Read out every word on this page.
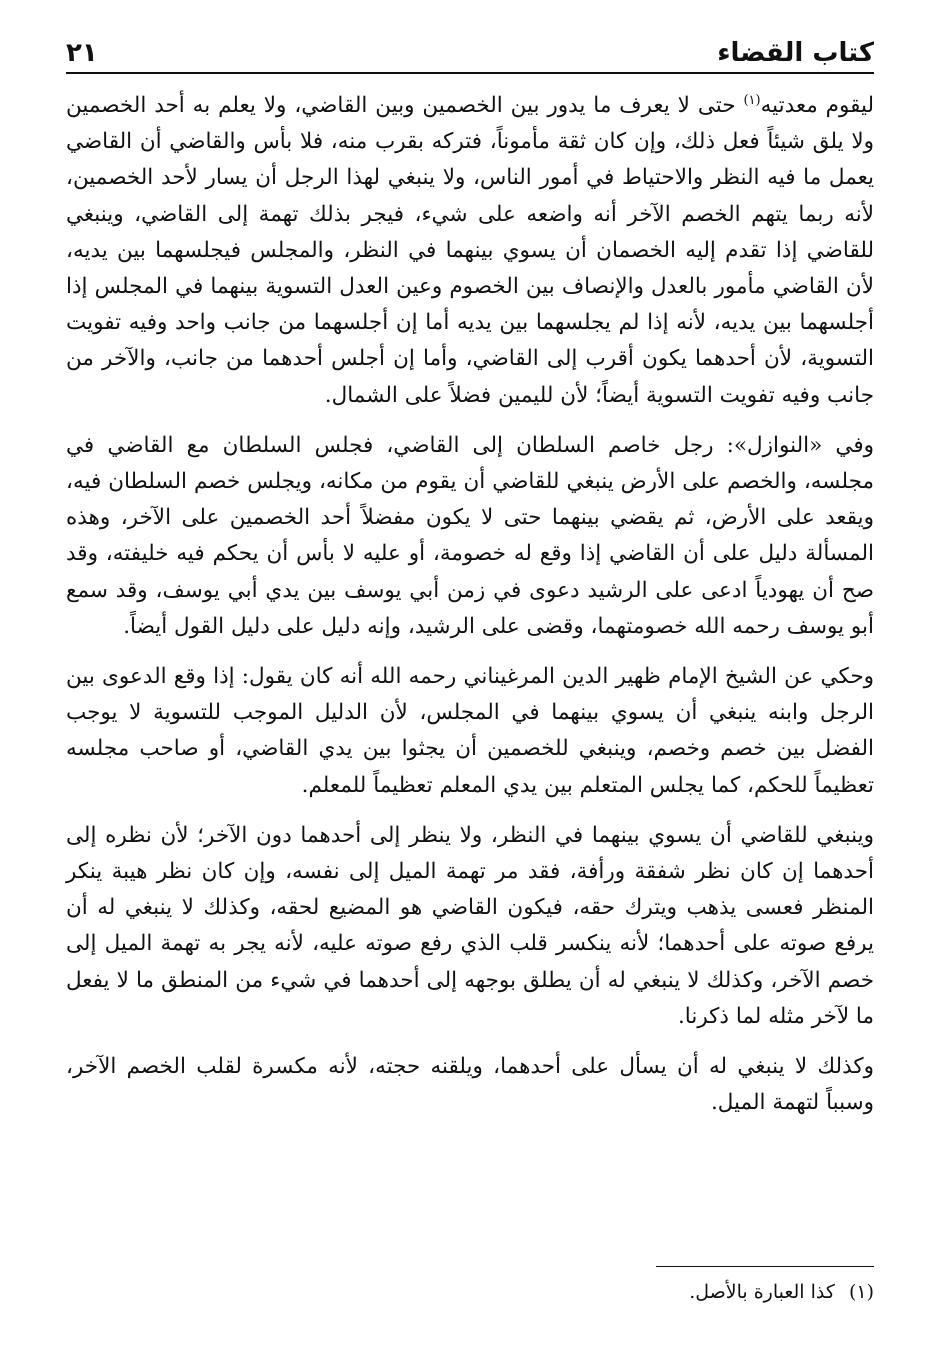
كتاب القضاء
٢١

ليقوم معدتيه$^{(١)}$ حتى لا يعرف ما يدور بين الخصمين وبين القاضي، ولا يعلم به أحد الخصمين ولا يلق شيئاً فعل ذلك، وإن كان ثقة مأموناً، فتركه بقرب منه، فلا بأس والقاضي أن القاضي يعمل ما فيه النظر والاحتياط في أمور الناس، ولا ينبغي لهذا الرجل أن يسار لأحد الخصمين، لأنه ربما يتهم الخصم الآخر أنه واضعه على شيء، فيجر بذلك تهمة إلى القاضي، وينبغي للقاضي إذا تقدم إليه الخصمان أن يسوي بينهما في النظر، والمجلس فيجلسهما بين يديه، لأن القاضي مأمور بالعدل والإنصاف بين الخصوم وعين العدل التسوية بينهما في المجلس إذا أجلسهما بين يديه، لأنه إذا لم يجلسهما بين يديه أما إن أجلسهما من جانب واحد وفيه تفويت التسوية، لأن أحدهما يكون أقرب إلى القاضي، وأما إن أجلس أحدهما من جانب، والآخر من جانب وفيه تفويت التسوية أيضاً؛ لأن لليمين فضلاً على الشمال.

وفي «النوازل»: رجل خاصم السلطان إلى القاضي، فجلس السلطان مع القاضي في مجلسه، والخصم على الأرض ينبغي للقاضي أن يقوم من مكانه، ويجلس خصم السلطان فيه، ويقعد على الأرض، ثم يقضي بينهما حتى لا يكون مفضلاً أحد الخصمين على الآخر، وهذه المسألة دليل على أن القاضي إذا وقع له خصومة، أو عليه لا بأس أن يحكم فيه خليفته، وقد صح أن يهودياً ادعى على الرشيد دعوى في زمن أبي يوسف بين يدي أبي يوسف، وقد سمع أبو يوسف رحمه الله خصومتهما، وقضى على الرشيد، وإنه دليل على دليل القول أيضاً.

وحكي عن الشيخ الإمام ظهير الدين المرغيناني رحمه الله أنه كان يقول: إذا وقع الدعوى بين الرجل وابنه ينبغي أن يسوي بينهما في المجلس، لأن الدليل الموجب للتسوية لا يوجب الفضل بين خصم وخصم، وينبغي للخصمين أن يجثوا بين يدي القاضي، أو صاحب مجلسه تعظيماً للحكم، كما يجلس المتعلم بين يدي المعلم تعظيماً للمعلم.

وينبغي للقاضي أن يسوي بينهما في النظر، ولا ينظر إلى أحدهما دون الآخر؛ لأن نظره إلى أحدهما إن كان نظر شفقة ورأفة، فقد مر تهمة الميل إلى نفسه، وإن كان نظر هيبة ينكر المنظر فعسى يذهب ويترك حقه، فيكون القاضي هو المضيع لحقه، وكذلك لا ينبغي له أن يرفع صوته على أحدهما؛ لأنه ينكسر قلب الذي رفع صوته عليه، لأنه يجر به تهمة الميل إلى خصم الآخر، وكذلك لا ينبغي له أن يطلق بوجهه إلى أحدهما في شيء من المنطق ما لا يفعل ما لآخر مثله لما ذكرنا.

وكذلك لا ينبغي له أن يسأل على أحدهما، ويلقنه حجته، لأنه مكسرة لقلب الخصم الآخر، وسبباً لتهمة الميل.

(١)كذا العبارة بالأصل.
